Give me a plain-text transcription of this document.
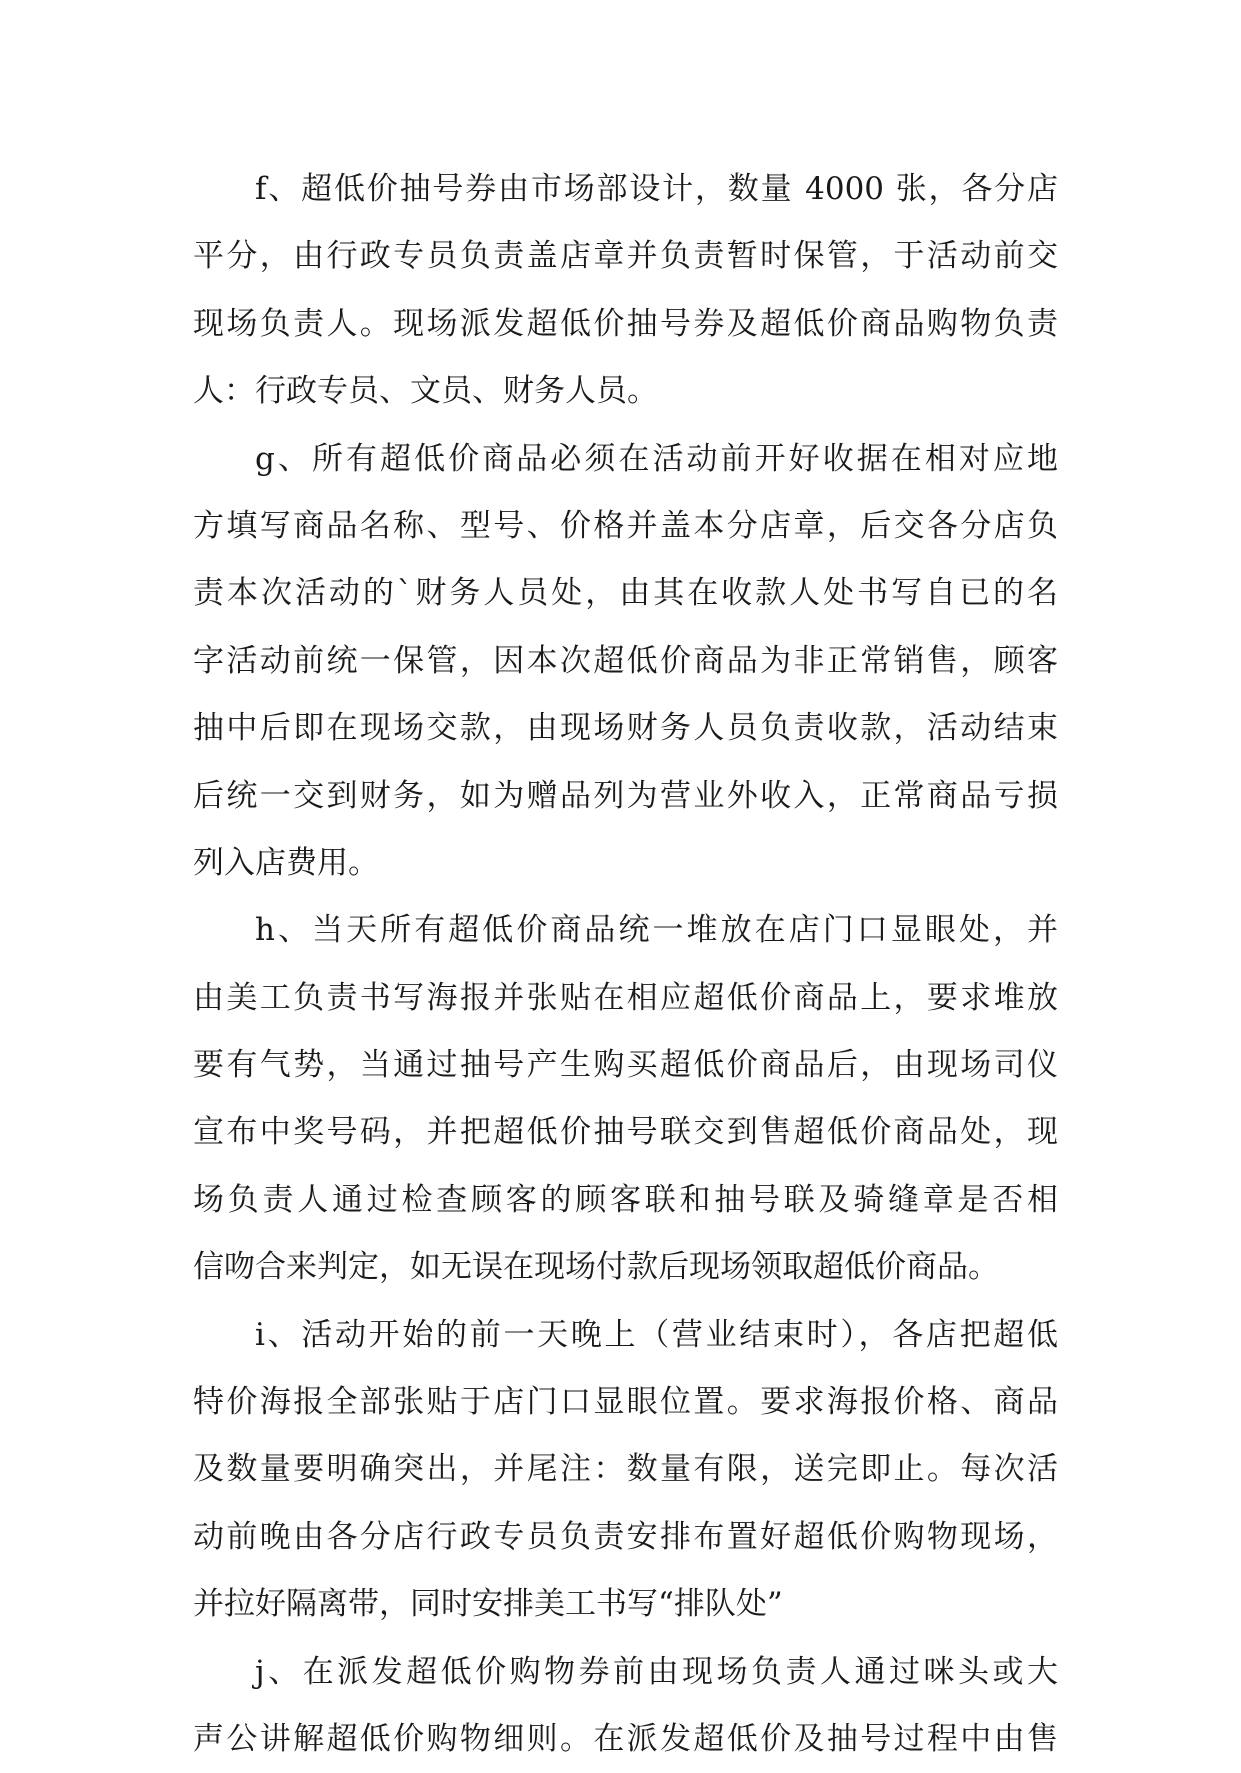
f、超低价抽号券由市场部设计，数量 4000 张，各分店
平分，由行政专员负责盖店章并负责暂时保管，于活动前交
现场负责人。现场派发超低价抽号券及超低价商品购物负责
人：行政专员、文员、财务人员。
g、所有超低价商品必须在活动前开好收据在相对应地
方填写商品名称、型号、价格并盖本分店章，后交各分店负
责本次活动的`财务人员处，由其在收款人处书写自已的名
字活动前统一保管，因本次超低价商品为非正常销售，顾客
抽中后即在现场交款，由现场财务人员负责收款，活动结束
后统一交到财务，如为赠品列为营业外收入，正常商品亏损
列入店费用。
h、当天所有超低价商品统一堆放在店门口显眼处，并
由美工负责书写海报并张贴在相应超低价商品上，要求堆放
要有气势，当通过抽号产生购买超低价商品后，由现场司仪
宣布中奖号码，并把超低价抽号联交到售超低价商品处，现
场负责人通过检查顾客的顾客联和抽号联及骑缝章是否相
信吻合来判定，如无误在现场付款后现场领取超低价商品。
i、活动开始的前一天晚上（营业结束时），各店把超低
特价海报全部张贴于店门口显眼位置。要求海报价格、商品
及数量要明确突出，并尾注：数量有限，送完即止。每次活
动前晚由各分店行政专员负责安排布置好超低价购物现场，
并拉好隔离带，同时安排美工书写“排队处”
j、在派发超低价购物券前由现场负责人通过咪头或大
声公讲解超低价购物细则。在派发超低价及抽号过程中由售
